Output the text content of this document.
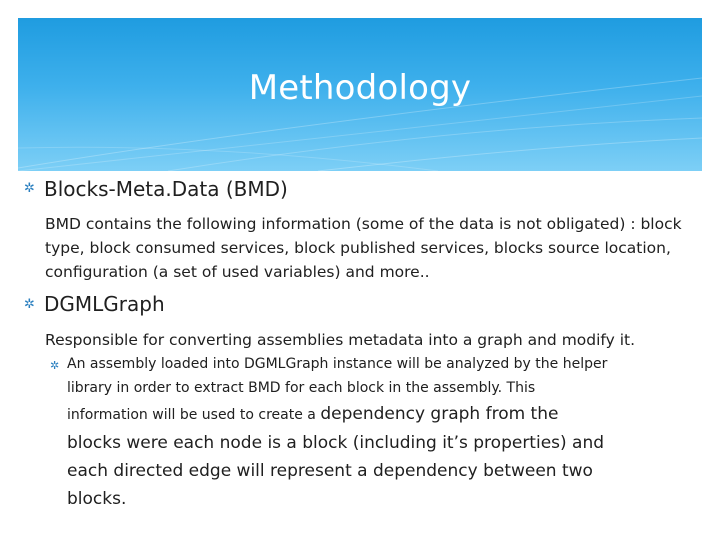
Methodology
✲ Blocks-Meta.Data (BMD)
BMD contains the following information (some of the data is not obligated) : block type, block consumed services, block published services, blocks source location, configuration (a set of used variables) and more..
✲ DGMLGraph
Responsible for converting assemblies metadata into a graph and modify it.
✲ An assembly loaded into DGMLGraph instance will be analyzed by the helper
library in order to extract BMD for each block in the assembly. This
information will be used to create a dependency graph from the
blocks were each node is a block (including it’s properties) and
each directed edge will represent a dependency between two
blocks.
